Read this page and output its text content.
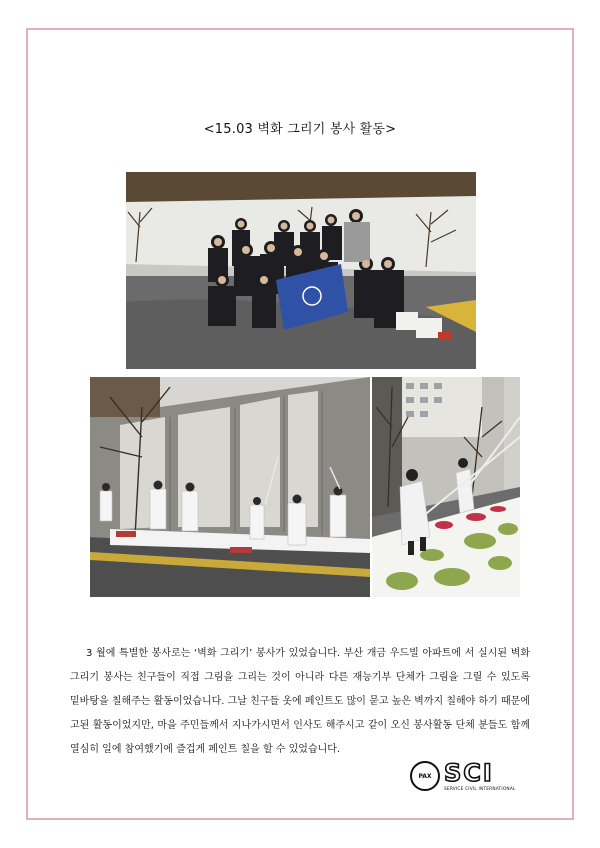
<15.03 벽화 그리기 봉사 활동>

3 월에 특별한 봉사로는 ‘벽화 그리기’ 봉사가 있었습니다. 부산 개금 우드빌 아파트에 서 실시된 벽화 그리기 봉사는 친구들이 직접 그림을 그리는 것이 아니라 다른 재능기부 단체가 그림을 그릴 수 있도록 밑바탕을 칠해주는 활동이었습니다. 그날 친구들 옷에 페인트도 많이 묻고 높은 벽까지 칠해야 하기 때문에 고된 활동이었지만, 마을 주민들께서 지나가시면서 인사도 해주시고 같이 오신 봉사활동 단체 분들도 함께 열심히 일에 참여했기에 즐겁게 페인트 칠을 할 수 있었습니다.

PAX SCI
SERVICE CIVIL INTERNATIONAL
